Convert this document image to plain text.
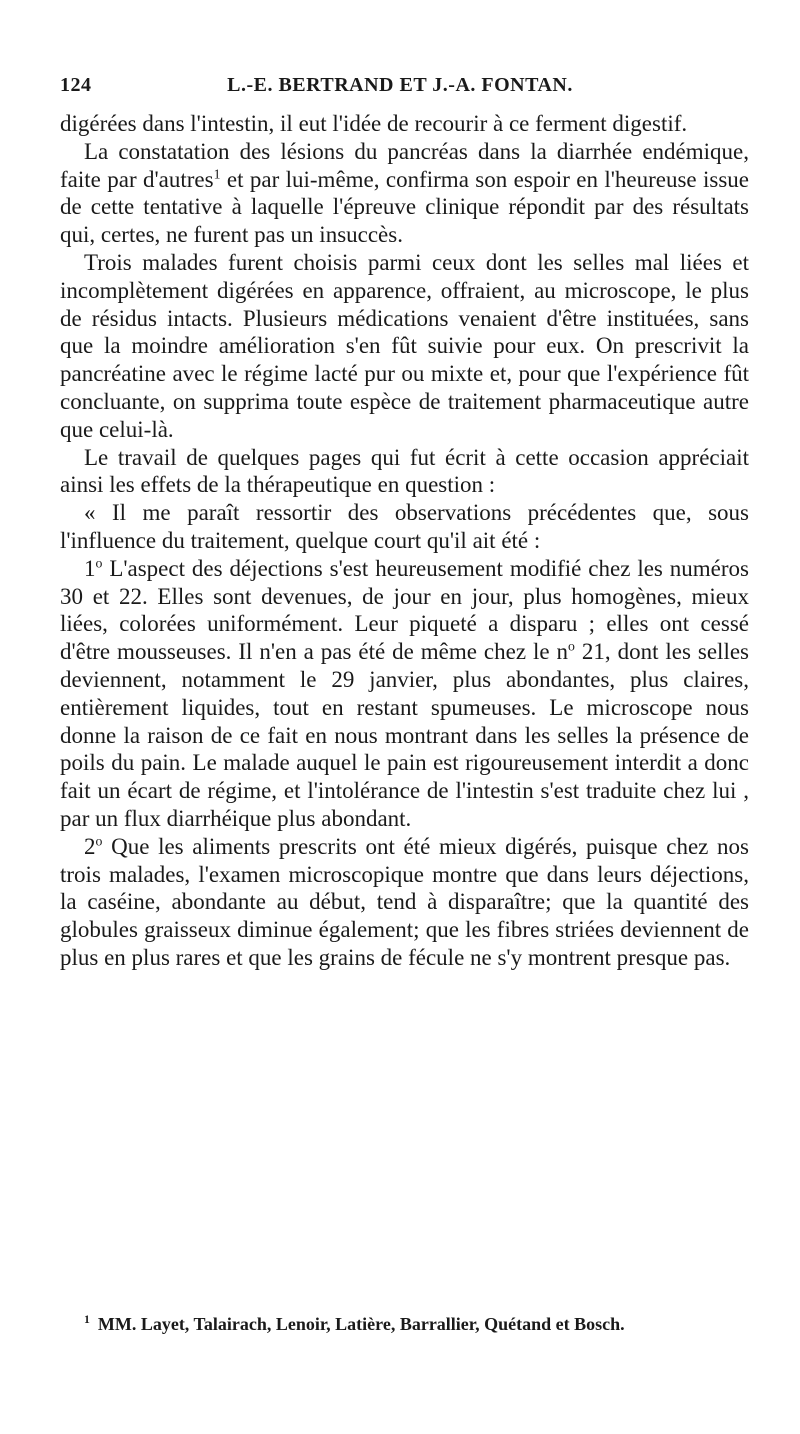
124	L.-E. BERTRAND ET J.-A. FONTAN.

digérées dans l'intestin, il eut l'idée de recourir à ce ferment digestif.

La constatation des lésions du pancréas dans la diarrhée endémique, faite par d'autres$^1$ et par lui-même, confirma son espoir en l'heureuse issue de cette tentative à laquelle l'épreuve clinique répondit par des résultats qui, certes, ne furent pas un insuccès.

Trois malades furent choisis parmi ceux dont les selles mal liées et incomplètement digérées en apparence, offraient, au microscope, le plus de résidus intacts. Plusieurs médications venaient d'être instituées, sans que la moindre amélioration s'en fût suivie pour eux. On prescrivit la pancréatine avec le régime lacté pur ou mixte et, pour que l'expérience fût concluante, on supprima toute espèce de traitement pharmaceutique autre que celui-là.

Le travail de quelques pages qui fut écrit à cette occasion appréciait ainsi les effets de la thérapeutique en question :

« Il me paraît ressortir des observations précédentes que, sous l'influence du traitement, quelque court qu'il ait été :

1$^o$ L'aspect des déjections s'est heureusement modifié chez les numéros 30 et 22. Elles sont devenues, de jour en jour, plus homogènes, mieux liées, colorées uniformément. Leur piqueté a disparu ; elles ont cessé d'être mousseuses. Il n'en a pas été de même chez le $n^o$ 21, dont les selles deviennent, notamment le 29 janvier, plus abondantes, plus claires, entièrement liquides, tout en restant spumeuses. Le microscope nous donne la raison de ce fait en nous montrant dans les selles la présence de poils du pain. Le malade auquel le pain est rigoureusement interdit a donc fait un écart de régime, et l'intolérance de l'intestin s'est traduite chez lui , par un flux diarrhéique plus abondant.

2$^o$ Que les aliments prescrits ont été mieux digérés, puisque chez nos trois malades, l'examen microscopique montre que dans leurs déjections, la caséine, abondante au début, tend à disparaître; que la quantité des globules graisseux diminue également; que les fibres striées deviennent de plus en plus rares et que les grains de fécule ne s'y montrent presque pas.

$^1$ MM. Layet, Talairach, Lenoir, Latière, Barrallier, Quétand et Bosch.
